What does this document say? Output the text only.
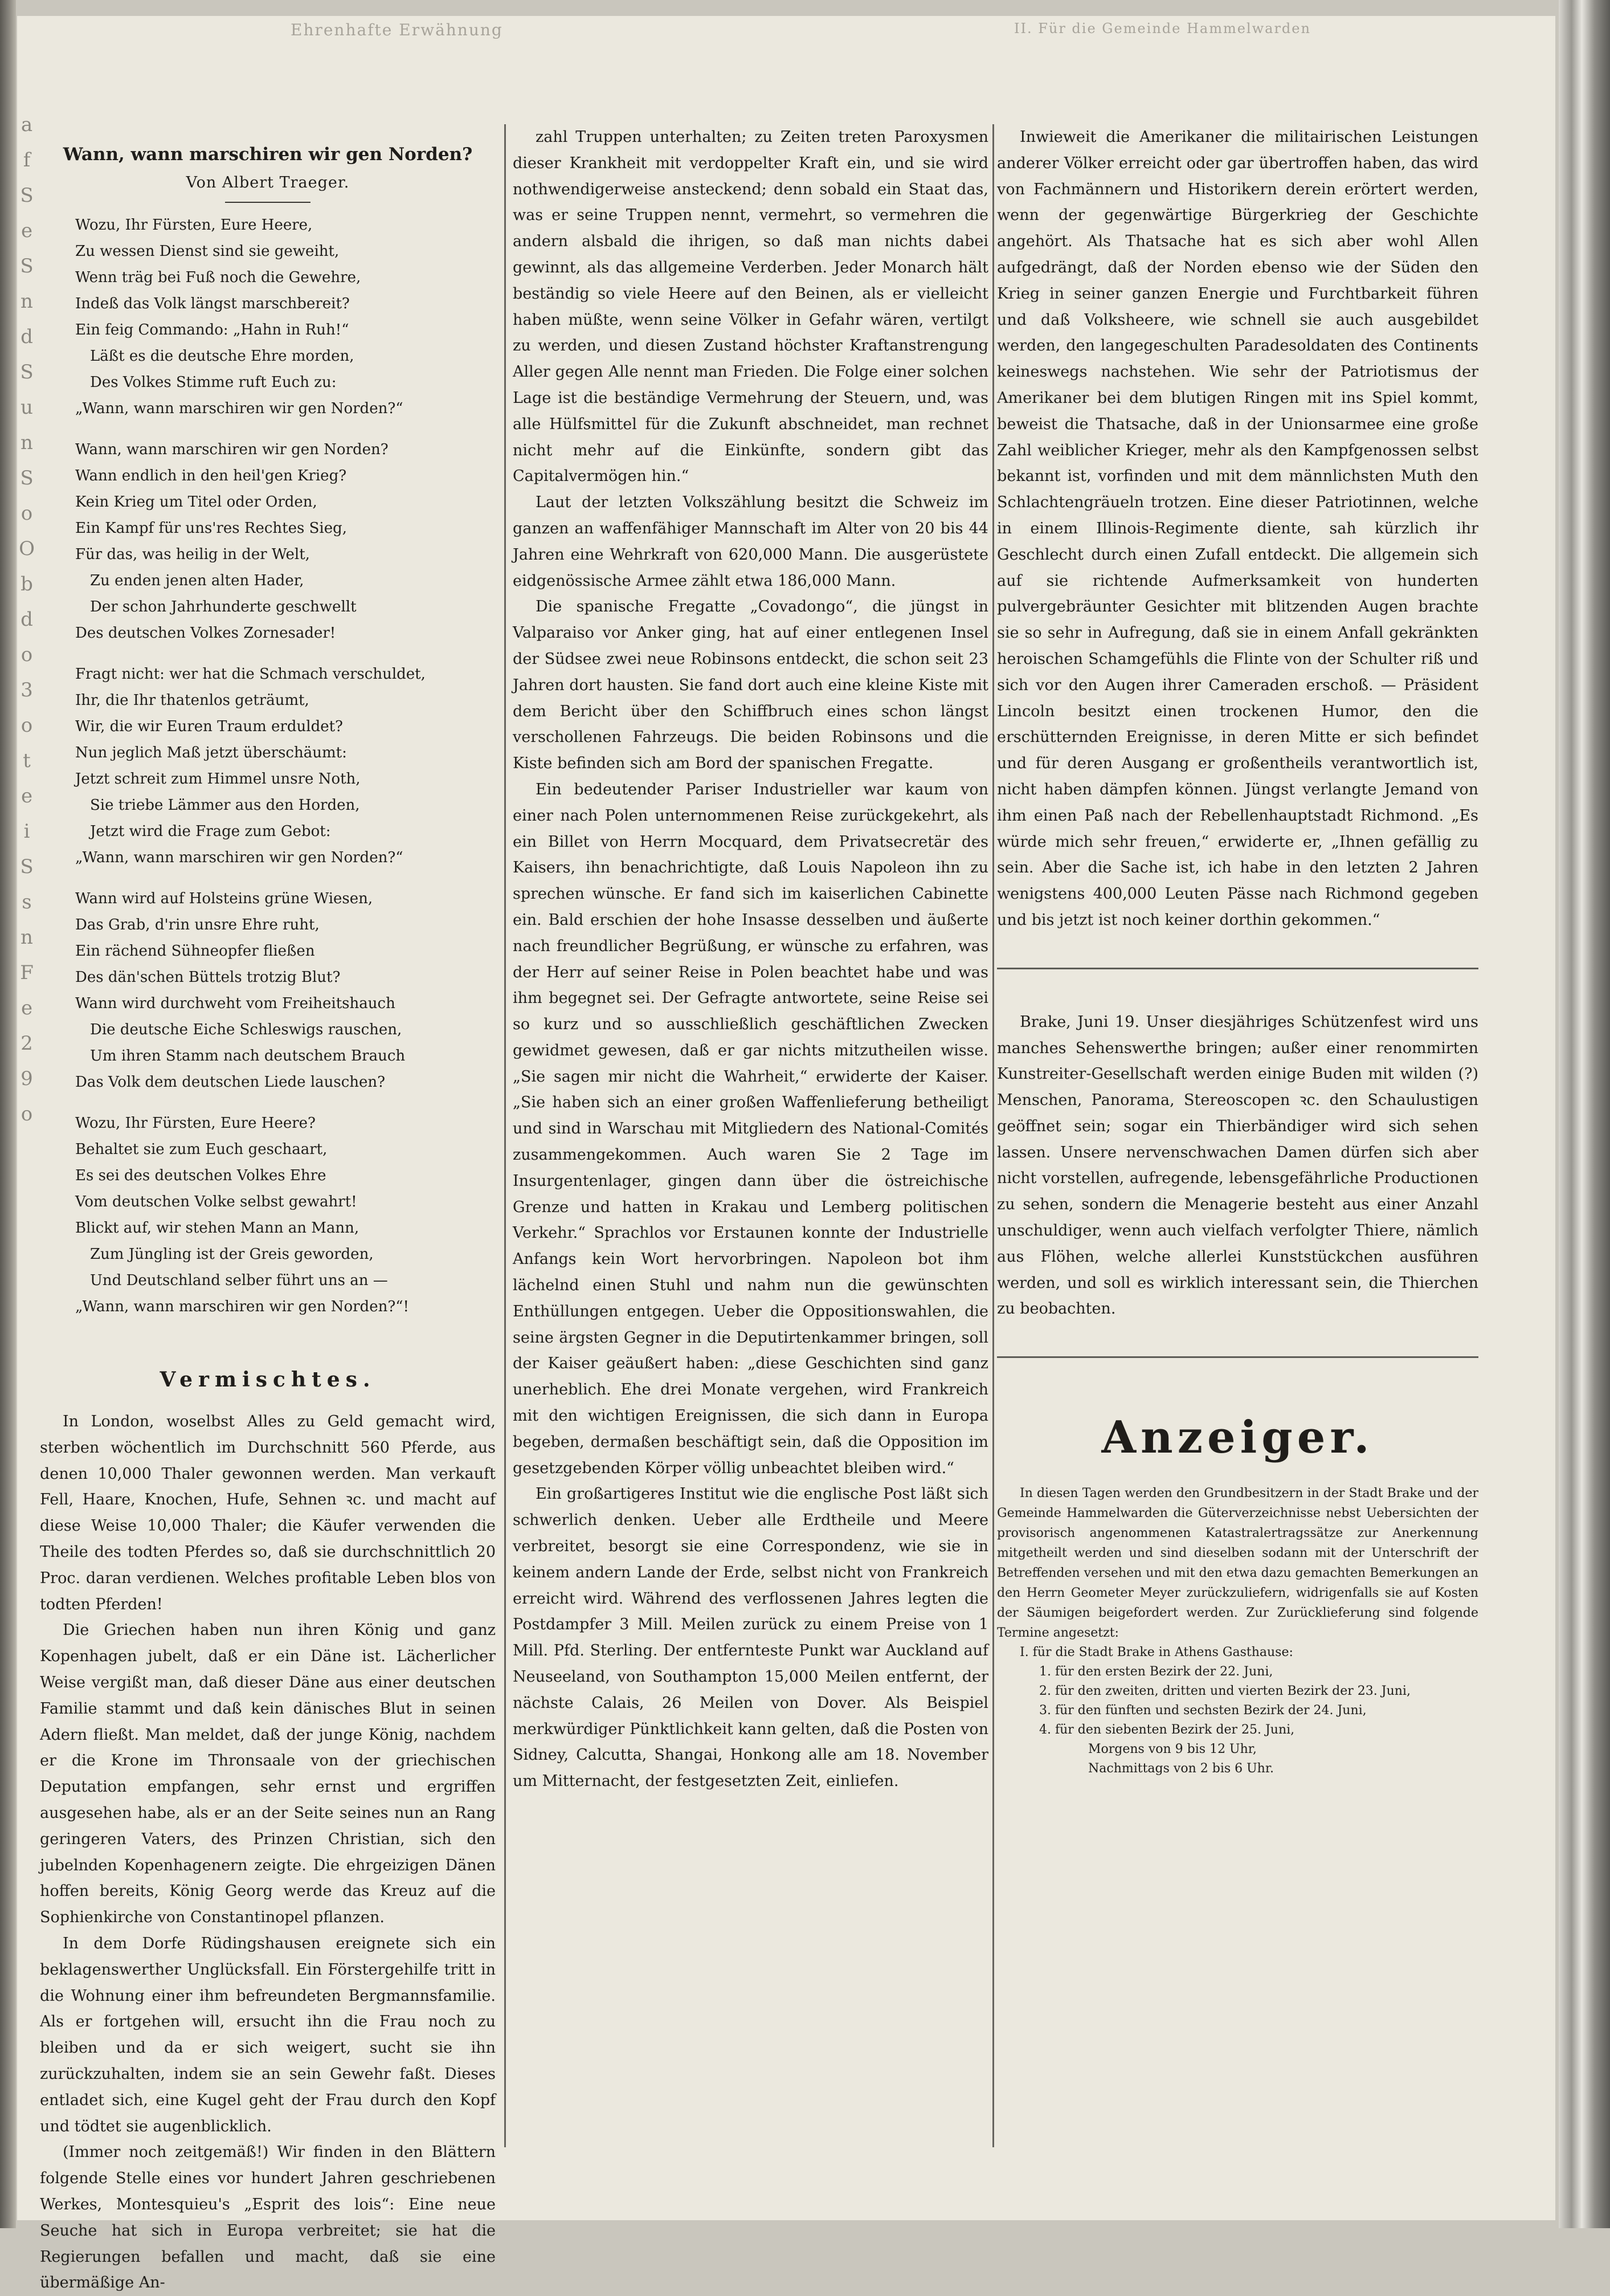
Ehrenhafte Erwähnung	II. Für die Gemeinde Hammelwarden
a
f
S
e
S
n
d
S
u
n
S
o
O
b
d
o
3
o
t
e
i
S
s
n
F
e
2
9
o
Wann, wann marschiren wir gen Norden?
Von Albert Traeger.
Wozu, Ihr Fürsten, Eure Heere,
Zu wessen Dienst sind sie geweiht,
Wenn träg bei Fuß noch die Gewehre,
Indeß das Volk längst marschbereit?
Ein feig Commando: „Hahn in Ruh!“
Läßt es die deutsche Ehre morden,
Des Volkes Stimme ruft Euch zu:
„Wann, wann marschiren wir gen Norden?“
Wann, wann marschiren wir gen Norden?
Wann endlich in den heil'gen Krieg?
Kein Krieg um Titel oder Orden,
Ein Kampf für uns'res Rechtes Sieg,
Für das, was heilig in der Welt,
Zu enden jenen alten Hader,
Der schon Jahrhunderte geschwellt
Des deutschen Volkes Zornesader!
Fragt nicht: wer hat die Schmach verschuldet,
Ihr, die Ihr thatenlos geträumt,
Wir, die wir Euren Traum erduldet?
Nun jeglich Maß jetzt überschäumt:
Jetzt schreit zum Himmel unsre Noth,
Sie triebe Lämmer aus den Horden,
Jetzt wird die Frage zum Gebot:
„Wann, wann marschiren wir gen Norden?“
Wann wird auf Holsteins grüne Wiesen,
Das Grab, d'rin unsre Ehre ruht,
Ein rächend Sühneopfer fließen
Des dän'schen Büttels trotzig Blut?
Wann wird durchweht vom Freiheitshauch
Die deutsche Eiche Schleswigs rauschen,
Um ihren Stamm nach deutschem Brauch
Das Volk dem deutschen Liede lauschen?
Wozu, Ihr Fürsten, Eure Heere?
Behaltet sie zum Euch geschaart,
Es sei des deutschen Volkes Ehre
Vom deutschen Volke selbst gewahrt!
Blickt auf, wir stehen Mann an Mann,
Zum Jüngling ist der Greis geworden,
Und Deutschland selber führt uns an —
„Wann, wann marschiren wir gen Norden?“!
Vermischtes.

In London, woselbst Alles zu Geld gemacht wird, sterben wöchentlich im Durchschnitt 560 Pferde, aus denen 10,000 Thaler gewonnen werden. Man verkauft Fell, Haare, Knochen, Hufe, Sehnen ꝛc. und macht auf diese Weise 10,000 Thaler; die Käufer verwenden die Theile des todten Pferdes so, daß sie durchschnittlich 20 Proc. daran verdienen. Welches profitable Leben blos von todten Pferden!

Die Griechen haben nun ihren König und ganz Kopenhagen jubelt, daß er ein Däne ist. Lächerlicher Weise vergißt man, daß dieser Däne aus einer deutschen Familie stammt und daß kein dänisches Blut in seinen Adern fließt. Man meldet, daß der junge König, nachdem er die Krone im Thronsaale von der griechischen Deputation empfangen, sehr ernst und ergriffen ausgesehen habe, als er an der Seite seines nun an Rang geringeren Vaters, des Prinzen Christian, sich den jubelnden Kopenhagenern zeigte. Die ehrgeizigen Dänen hoffen bereits, König Georg werde das Kreuz auf die Sophienkirche von Constantinopel pflanzen.

In dem Dorfe Rüdingshausen ereignete sich ein beklagenswerther Unglücksfall. Ein Förstergehilfe tritt in die Wohnung einer ihm befreundeten Bergmannsfamilie. Als er fortgehen will, ersucht ihn die Frau noch zu bleiben und da er sich weigert, sucht sie ihn zurückzuhalten, indem sie an sein Gewehr faßt. Dieses entladet sich, eine Kugel geht der Frau durch den Kopf und tödtet sie augenblicklich.

(Immer noch zeitgemäß!) Wir finden in den Blättern folgende Stelle eines vor hundert Jahren geschriebenen Werkes, Montesquieu's „Esprit des lois“: Eine neue Seuche hat sich in Europa verbreitet; sie hat die Regierungen befallen und macht, daß sie eine übermäßige An-

zahl Truppen unterhalten; zu Zeiten treten Paroxysmen dieser Krankheit mit verdoppelter Kraft ein, und sie wird nothwendigerweise ansteckend; denn sobald ein Staat das, was er seine Truppen nennt, vermehrt, so vermehren die andern alsbald die ihrigen, so daß man nichts dabei gewinnt, als das allgemeine Verderben. Jeder Monarch hält beständig so viele Heere auf den Beinen, als er vielleicht haben müßte, wenn seine Völker in Gefahr wären, vertilgt zu werden, und diesen Zustand höchster Kraftanstrengung Aller gegen Alle nennt man Frieden. Die Folge einer solchen Lage ist die beständige Vermehrung der Steuern, und, was alle Hülfsmittel für die Zukunft abschneidet, man rechnet nicht mehr auf die Einkünfte, sondern gibt das Capitalvermögen hin.“

Laut der letzten Volkszählung besitzt die Schweiz im ganzen an waffenfähiger Mannschaft im Alter von 20 bis 44 Jahren eine Wehrkraft von 620,000 Mann. Die ausgerüstete eidgenössische Armee zählt etwa 186,000 Mann.

Die spanische Fregatte „Covadongo“, die jüngst in Valparaiso vor Anker ging, hat auf einer entlegenen Insel der Südsee zwei neue Robinsons entdeckt, die schon seit 23 Jahren dort hausten. Sie fand dort auch eine kleine Kiste mit dem Bericht über den Schiffbruch eines schon längst verschollenen Fahrzeugs. Die beiden Robinsons und die Kiste befinden sich am Bord der spanischen Fregatte.

Ein bedeutender Pariser Industrieller war kaum von einer nach Polen unternommenen Reise zurückgekehrt, als ein Billet von Herrn Mocquard, dem Privatsecretär des Kaisers, ihn benachrichtigte, daß Louis Napoleon ihn zu sprechen wünsche. Er fand sich im kaiserlichen Cabinette ein. Bald erschien der hohe Insasse desselben und äußerte nach freundlicher Begrüßung, er wünsche zu erfahren, was der Herr auf seiner Reise in Polen beachtet habe und was ihm begegnet sei. Der Gefragte antwortete, seine Reise sei so kurz und so ausschließlich geschäftlichen Zwecken gewidmet gewesen, daß er gar nichts mitzutheilen wisse. „Sie sagen mir nicht die Wahrheit,“ erwiderte der Kaiser. „Sie haben sich an einer großen Waffenlieferung betheiligt und sind in Warschau mit Mitgliedern des National-Comités zusammengekommen. Auch waren Sie 2 Tage im Insurgentenlager, gingen dann über die östreichische Grenze und hatten in Krakau und Lemberg politischen Verkehr.“ Sprachlos vor Erstaunen konnte der Industrielle Anfangs kein Wort hervorbringen. Napoleon bot ihm lächelnd einen Stuhl und nahm nun die gewünschten Enthüllungen entgegen. Ueber die Oppositionswahlen, die seine ärgsten Gegner in die Deputirtenkammer bringen, soll der Kaiser geäußert haben: „diese Geschichten sind ganz unerheblich. Ehe drei Monate vergehen, wird Frankreich mit den wichtigen Ereignissen, die sich dann in Europa begeben, dermaßen beschäftigt sein, daß die Opposition im gesetzgebenden Körper völlig unbeachtet bleiben wird.“

Ein großartigeres Institut wie die englische Post läßt sich schwerlich denken. Ueber alle Erdtheile und Meere verbreitet, besorgt sie eine Correspondenz, wie sie in keinem andern Lande der Erde, selbst nicht von Frankreich erreicht wird. Während des verflossenen Jahres legten die Postdampfer 3 Mill. Meilen zurück zu einem Preise von 1 Mill. Pfd. Sterling. Der entfernteste Punkt war Auckland auf Neuseeland, von Southampton 15,000 Meilen entfernt, der nächste Calais, 26 Meilen von Dover. Als Beispiel merkwürdiger Pünktlichkeit kann gelten, daß die Posten von Sidney, Calcutta, Shangai, Honkong alle am 18. November um Mitternacht, der festgesetzten Zeit, einliefen.

Inwieweit die Amerikaner die militairischen Leistungen anderer Völker erreicht oder gar übertroffen haben, das wird von Fachmännern und Historikern derein erörtert werden, wenn der gegenwärtige Bürgerkrieg der Geschichte angehört. Als Thatsache hat es sich aber wohl Allen aufgedrängt, daß der Norden ebenso wie der Süden den Krieg in seiner ganzen Energie und Furchtbarkeit führen und daß Volksheere, wie schnell sie auch ausgebildet werden, den langegeschulten Paradesoldaten des Continents keineswegs nachstehen. Wie sehr der Patriotismus der Amerikaner bei dem blutigen Ringen mit ins Spiel kommt, beweist die Thatsache, daß in der Unionsarmee eine große Zahl weiblicher Krieger, mehr als den Kampfgenossen selbst bekannt ist, vorfinden und mit dem männlichsten Muth den Schlachtengräueln trotzen. Eine dieser Patriotinnen, welche in einem Illinois-Regimente diente, sah kürzlich ihr Geschlecht durch einen Zufall entdeckt. Die allgemein sich auf sie richtende Aufmerksamkeit von hunderten pulvergebräunter Gesichter mit blitzenden Augen brachte sie so sehr in Aufregung, daß sie in einem Anfall gekränkten heroischen Schamgefühls die Flinte von der Schulter riß und sich vor den Augen ihrer Cameraden erschoß. — Präsident Lincoln besitzt einen trockenen Humor, den die erschütternden Ereignisse, in deren Mitte er sich befindet und für deren Ausgang er großentheils verantwortlich ist, nicht haben dämpfen können. Jüngst verlangte Jemand von ihm einen Paß nach der Rebellenhauptstadt Richmond. „Es würde mich sehr freuen,“ erwiderte er, „Ihnen gefällig zu sein. Aber die Sache ist, ich habe in den letzten 2 Jahren wenigstens 400,000 Leuten Pässe nach Richmond gegeben und bis jetzt ist noch keiner dorthin gekommen.“

Brake, Juni 19. Unser diesjähriges Schützenfest wird uns manches Sehenswerthe bringen; außer einer renommirten Kunstreiter-Gesellschaft werden einige Buden mit wilden (?) Menschen, Panorama, Stereoscopen ꝛc. den Schaulustigen geöffnet sein; sogar ein Thierbändiger wird sich sehen lassen. Unsere nervenschwachen Damen dürfen sich aber nicht vorstellen, aufregende, lebensgefährliche Productionen zu sehen, sondern die Menagerie besteht aus einer Anzahl unschuldiger, wenn auch vielfach verfolgter Thiere, nämlich aus Flöhen, welche allerlei Kunststückchen ausführen werden, und soll es wirklich interessant sein, die Thierchen zu beobachten.

Anzeiger.

In diesen Tagen werden den Grundbesitzern in der Stadt Brake und der Gemeinde Hammelwarden die Güterverzeichnisse nebst Uebersichten der provisorisch angenommenen Katastralertragssätze zur Anerkennung mitgetheilt werden und sind dieselben sodann mit der Unterschrift der Betreffenden versehen und mit den etwa dazu gemachten Bemerkungen an den Herrn Geometer Meyer zurückzuliefern, widrigenfalls sie auf Kosten der Säumigen beigefordert werden. Zur Zurücklieferung sind folgende Termine angesetzt:

I. für die Stadt Brake in Athens Gasthause:
1. für den ersten Bezirk der 22. Juni,
2. für den zweiten, dritten und vierten Bezirk der 23. Juni,
3. für den fünften und sechsten Bezirk der 24. Juni,
4. für den siebenten Bezirk der 25. Juni,
Morgens von 9 bis 12 Uhr,
Nachmittags von 2 bis 6 Uhr.
